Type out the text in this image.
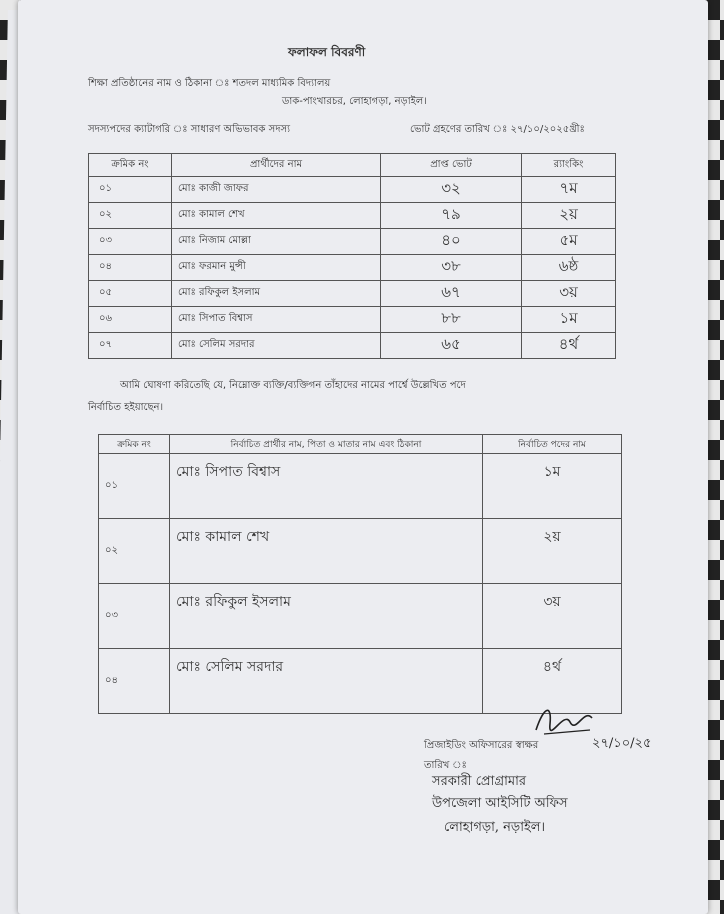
ফলাফল বিবরণী
শিক্ষা প্রতিষ্ঠানের নাম ও ঠিকানা ঃ শতদল মাধ্যমিক বিদ্যালয়
ডাক-পাংখারচর, লোহাগড়া, নড়াইল।
সদস্যপদের ক্যাটাগরি ঃ সাধারণ অভিভাবক সদস্য	ভোট গ্রহণের তারিখ ঃ ২৭/১০/২০২৫খ্রীঃ
ক্রমিক নং	প্রার্থীদের নাম	প্রাপ্ত ভোট	র‍্যাংকিং
০১	মোঃ কাজী জাফর	৩২	৭ম
০২	মোঃ কামাল শেখ	৭৯	২য়
০৩	মোঃ নিজাম মোল্লা	৪০	৫ম
০৪	মোঃ ফরমান মুন্সী	৩৮	৬ষ্ঠ
০৫	মোঃ রফিকুল ইসলাম	৬৭	৩য়
০৬	মোঃ সিপাত বিশ্বাস	৮৮	১ম
০৭	মোঃ সেলিম সরদার	৬৫	৪র্থ
আমি ঘোষণা করিতেছি যে, নিম্নোক্ত ব্যক্তি/ব্যক্তিগন তাঁহাদের নামের পার্শ্বে উল্লেখিত পদে
নির্বাচিত হইয়াছেন।
ক্রমিক নং	নির্বাচিত প্রার্থীর নাম, পিতা ও মাতার নাম এবং ঠিকানা	নির্বাচিত পদের নাম
০১	মোঃ সিপাত বিশ্বাস	১ম
০২	মোঃ কামাল শেখ	২য়
০৩	মোঃ রফিকুল ইসলাম	৩য়
০৪	মোঃ সেলিম সরদার	৪র্থ
প্রিজাইডিং অফিসারের স্বাক্ষর	২৭/১০/২৫
তারিখ ঃ
সরকারী প্রোগ্রামার
উপজেলা আইসিটি অফিস
লোহাগড়া, নড়াইল।
